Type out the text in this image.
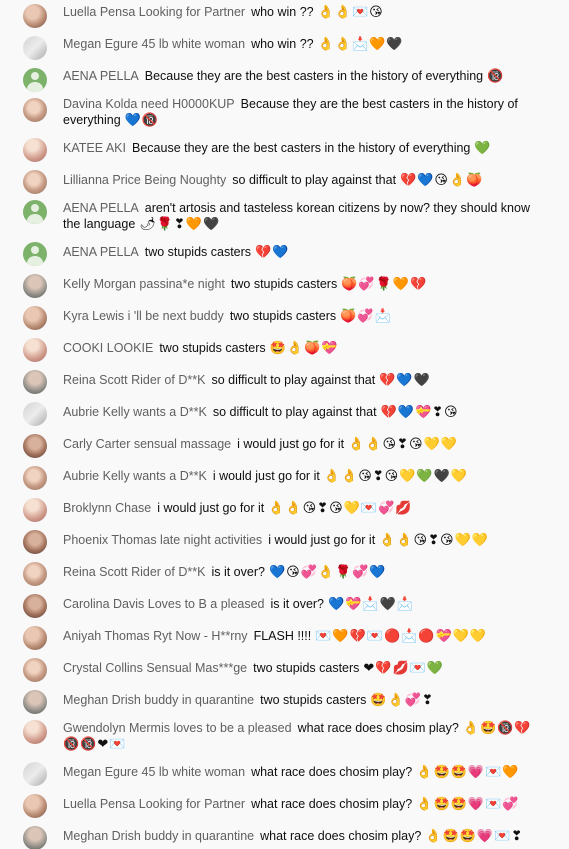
Luella Pensa Looking for Partner who win ?? 👌👌💌😘
Megan Egure 45 lb white woman who win ?? 👌👌📩🧡🖤
AENA PELLA Because they are the best casters in the history of everything 🔞
Davina Kolda need H0000KUP Because they are the best casters in the history of everything 💙🔞
KATEE AKI Because they are the best casters in the history of everything 💚
Lillianna Price Being Noughty so difficult to play against that 💔💙😘👌🍑
AENA PELLA aren't artosis and tasteless korean citizens by now? they should know the language 🌶🌹❣🧡🖤
AENA PELLA two stupids casters 💔💙
Kelly Morgan passina*e night two stupids casters 🍑💞🌹🧡💔
Kyra Lewis i 'll be next buddy two stupids casters 🍑💞📩
COOKI LOOKIE two stupids casters 🤩👌🍑💝
Reina Scott Rider of D**K so difficult to play against that 💔💙🖤
Aubrie Kelly wants a D**K so difficult to play against that 💔💙💝❣😘
Carly Carter sensual massage i would just go for it 👌👌😘❣😘💛💛
Aubrie Kelly wants a D**K i would just go for it 👌👌😘❣😘💛💚🖤💛
Broklynn Chase i would just go for it 👌👌😘❣😘💛💌💞💋
Phoenix Thomas late night activities i would just go for it 👌👌😘❣😘💛💛
Reina Scott Rider of D**K is it over? 💙😘💞👌🌹💞💙
Carolina Davis Loves to B a pleased is it over? 💙💝📩🖤📩
Aniyah Thomas Ryt Now - H**rny FLASH !!!! 💌🧡💔💌🔴📩🔴💝💛💛
Crystal Collins Sensual Mas***ge two stupids casters ❤💔💋💌💚
Meghan Drish buddy in quarantine two stupids casters 🤩👌💞❣
Gwendolyn Mermis loves to be a pleased what race does chosim play? 👌🤩🔞💔🔞🔞❤💌
Megan Egure 45 lb white woman what race does chosim play? 👌🤩🤩💗💌🧡
Luella Pensa Looking for Partner what race does chosim play? 👌🤩🤩💗💌💞
Meghan Drish buddy in quarantine what race does chosim play? 👌🤩🤩💗💌❣
